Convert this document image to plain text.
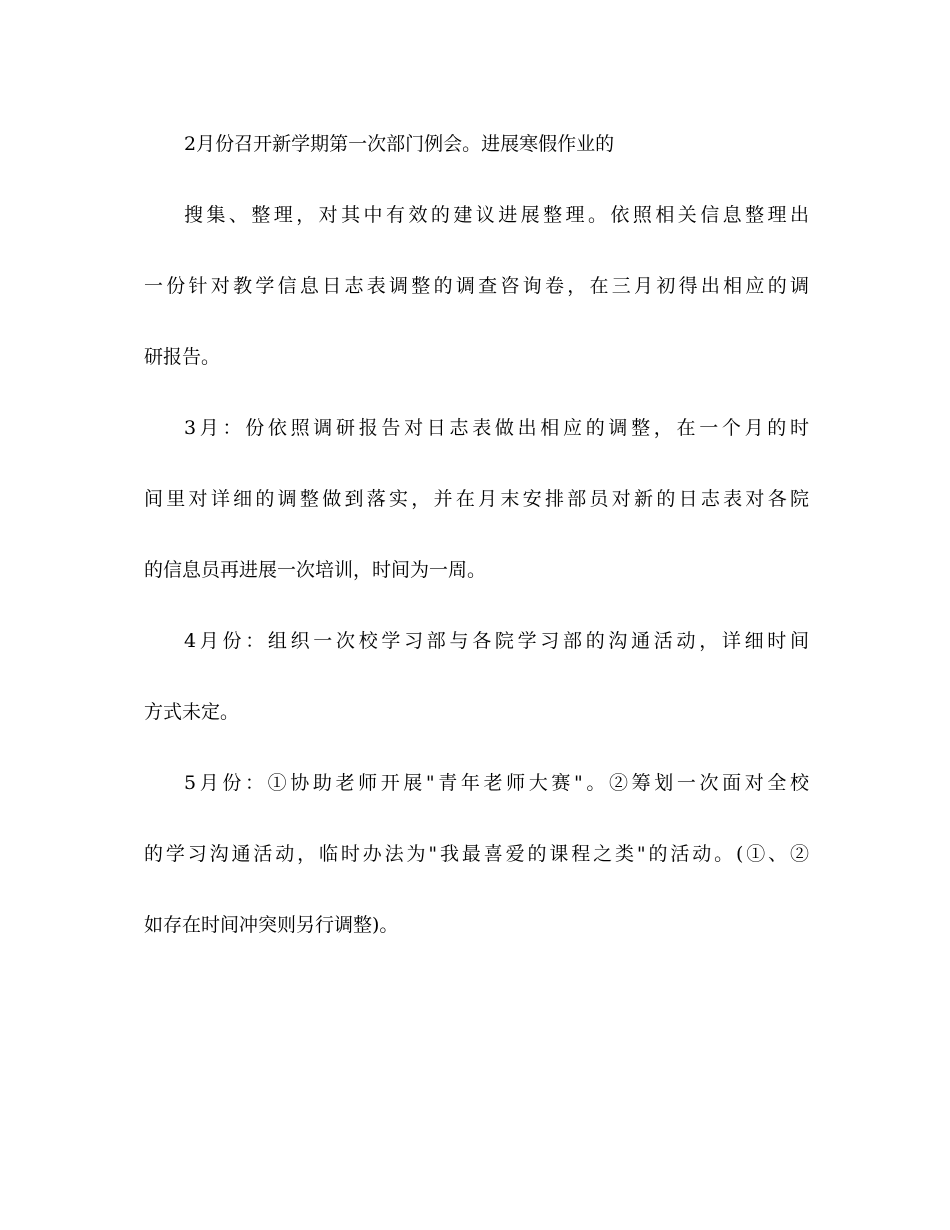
2月份召开新学期第一次部门例会。进展寒假作业的
搜集、整理，对其中有效的建议进展整理。依照相关信息整理出
一份针对教学信息日志表调整的调查咨询卷，在三月初得出相应的调
研报告。
3月：份依照调研报告对日志表做出相应的调整，在一个月的时
间里对详细的调整做到落实，并在月末安排部员对新的日志表对各院
的信息员再进展一次培训，时间为一周。
4月份：组织一次校学习部与各院学习部的沟通活动，详细时间
方式未定。
5月份：①协助老师开展"青年老师大赛"。②筹划一次面对全校
的学习沟通活动，临时办法为"我最喜爱的课程之类"的活动。(①、②
如存在时间冲突则另行调整)。
